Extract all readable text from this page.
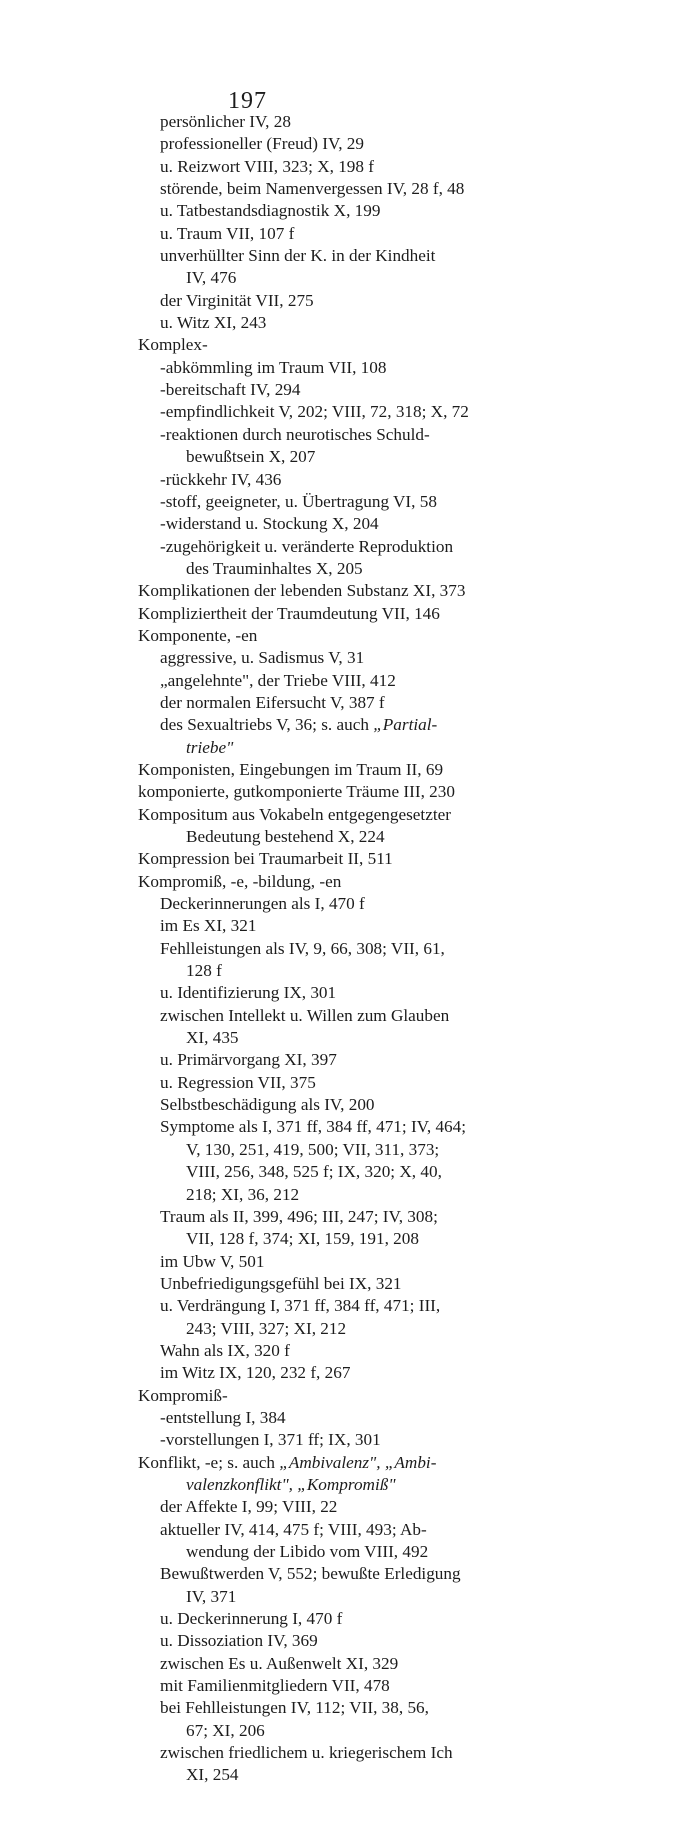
197
persönlicher IV, 28
professioneller (Freud) IV, 29
u. Reizwort VIII, 323; X, 198 f
störende, beim Namenvergessen IV, 28 f, 48
u. Tatbestandsdiagnostik X, 199
u. Traum VII, 107 f
unverhüllter Sinn der K. in der Kindheit
IV, 476
der Virginität VII, 275
u. Witz XI, 243
Komplex-
-abkömmling im Traum VII, 108
-bereitschaft IV, 294
-empfindlichkeit V, 202; VIII, 72, 318; X, 72
-reaktionen durch neurotisches Schuld-
bewußtsein X, 207
-rückkehr IV, 436
-stoff, geeigneter, u. Übertragung VI, 58
-widerstand u. Stockung X, 204
-zugehörigkeit u. veränderte Reproduktion
des Trauminhaltes X, 205
Komplikationen der lebenden Substanz XI, 373
Kompliziertheit der Traumdeutung VII, 146
Komponente, -en
aggressive, u. Sadismus V, 31
„angelehnte", der Triebe VIII, 412
der normalen Eifersucht V, 387 f
des Sexualtriebs V, 36; s. auch „Partial-
triebe"
Komponisten, Eingebungen im Traum II, 69
komponierte, gutkomponierte Träume III, 230
Kompositum aus Vokabeln entgegengesetzter
Bedeutung bestehend X, 224
Kompression bei Traumarbeit II, 511
Kompromiß, -e, -bildung, -en
Deckerinnerungen als I, 470 f
im Es XI, 321
Fehlleistungen als IV, 9, 66, 308; VII, 61,
128 f
u. Identifizierung IX, 301
zwischen Intellekt u. Willen zum Glauben
XI, 435
u. Primärvorgang XI, 397
u. Regression VII, 375
Selbstbeschädigung als IV, 200
Symptome als I, 371 ff, 384 ff, 471; IV, 464;
V, 130, 251, 419, 500; VII, 311, 373;
VIII, 256, 348, 525 f; IX, 320; X, 40,
218; XI, 36, 212
Traum als II, 399, 496; III, 247; IV, 308;
VII, 128 f, 374; XI, 159, 191, 208
im Ubw V, 501
Unbefriedigungsgefühl bei IX, 321
u. Verdrängung I, 371 ff, 384 ff, 471; III,
243; VIII, 327; XI, 212
Wahn als IX, 320 f
im Witz IX, 120, 232 f, 267
Kompromiß-
-entstellung I, 384
-vorstellungen I, 371 ff; IX, 301
Konflikt, -e; s. auch „Ambivalenz", „Ambi-
valenzkonflikt", „Kompromiß"
der Affekte I, 99; VIII, 22
aktueller IV, 414, 475 f; VIII, 493; Ab-
wendung der Libido vom VIII, 492
Bewußtwerden V, 552; bewußte Erledigung
IV, 371
u. Deckerinnerung I, 470 f
u. Dissoziation IV, 369
zwischen Es u. Außenwelt XI, 329
mit Familienmitgliedern VII, 478
bei Fehlleistungen IV, 112; VII, 38, 56,
67; XI, 206
zwischen friedlichem u. kriegerischem Ich
XI, 254
